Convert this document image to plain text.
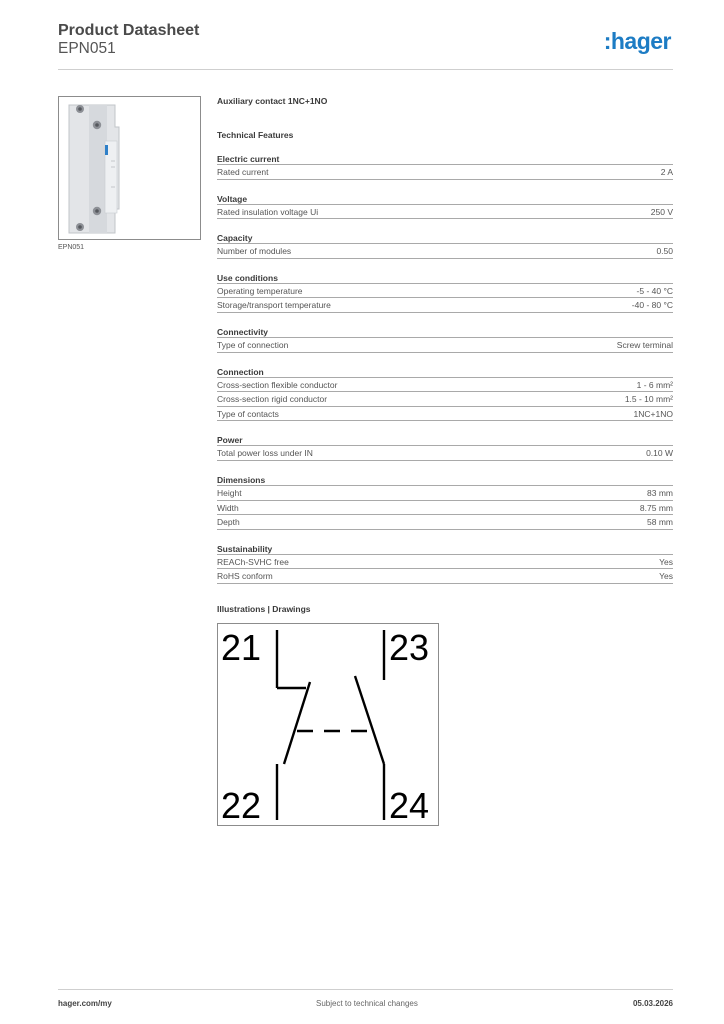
Product Datasheet
EPN051	:hager
EPN051
Auxiliary contact 1NC+1NO
Technical Features
Electric current
Rated current	2 A
Voltage
Rated insulation voltage Ui	250 V
Capacity
Number of modules	0.50
Use conditions
Operating temperature	-5 - 40 °C
Storage/transport temperature	-40 - 80 °C
Connectivity
Type of connection	Screw terminal
Connection
Cross-section flexible conductor	1 - 6 mm²
Cross-section rigid conductor	1.5 - 10 mm²
Type of contacts	1NC+1NO
Power
Total power loss under IN	0.10 W
Dimensions
Height	83 mm
Width	8.75 mm
Depth	58 mm
Sustainability
REACh-SVHC free	Yes
RoHS conform	Yes
Illustrations | Drawings
21	23
22	24
hager.com/my	Subject to technical changes	05.03.2026
